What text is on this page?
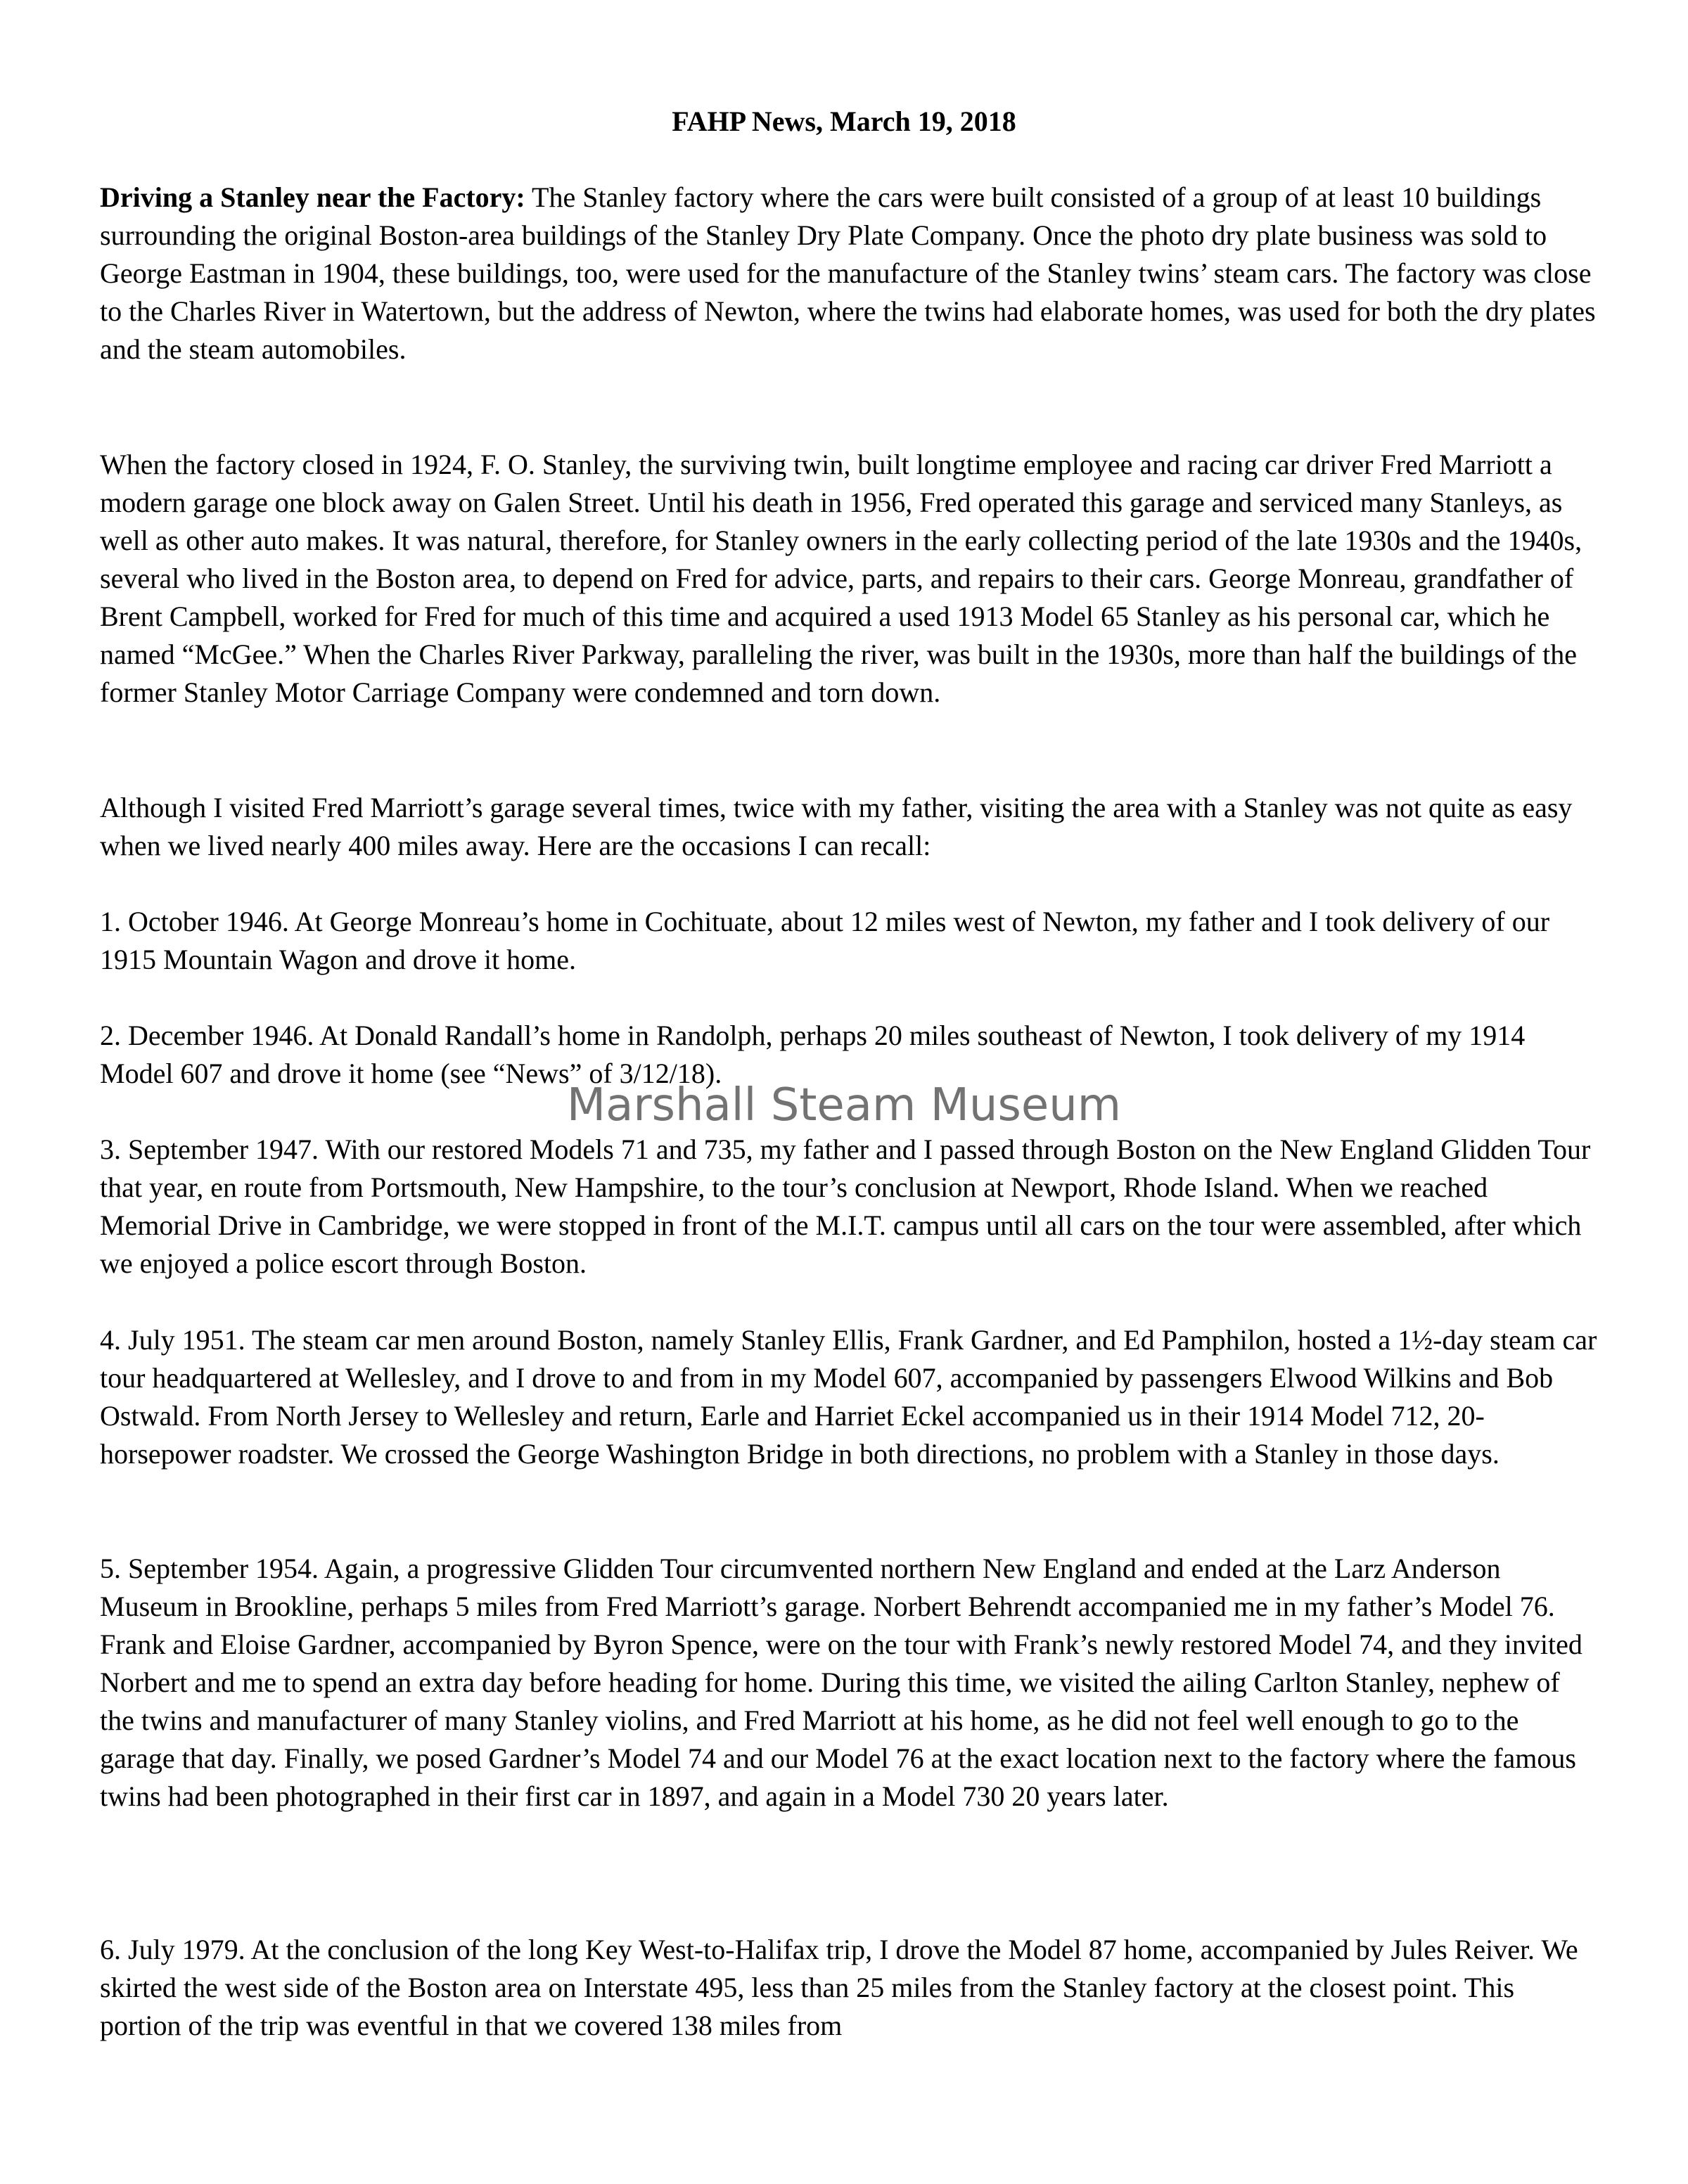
FAHP News, March 19, 2018

Driving a Stanley near the Factory: The Stanley factory where the cars were built consisted of a group of at least 10 buildings surrounding the original Boston-area buildings of the Stanley Dry Plate Company. Once the photo dry plate business was sold to George Eastman in 1904, these buildings, too, were used for the manufacture of the Stanley twins’ steam cars. The factory was close to the Charles River in Watertown, but the address of Newton, where the twins had elaborate homes, was used for both the dry plates and the steam automobiles.

When the factory closed in 1924, F. O. Stanley, the surviving twin, built longtime employee and racing car driver Fred Marriott a modern garage one block away on Galen Street. Until his death in 1956, Fred operated this garage and serviced many Stanleys, as well as other auto makes. It was natural, therefore, for Stanley owners in the early collecting period of the late 1930s and the 1940s, several who lived in the Boston area, to depend on Fred for advice, parts, and repairs to their cars. George Monreau, grandfather of Brent Campbell, worked for Fred for much of this time and acquired a used 1913 Model 65 Stanley as his personal car, which he named “McGee.” When the Charles River Parkway, paralleling the river, was built in the 1930s, more than half the buildings of the former Stanley Motor Carriage Company were condemned and torn down.

Although I visited Fred Marriott’s garage several times, twice with my father, visiting the area with a Stanley was not quite as easy when we lived nearly 400 miles away. Here are the occasions I can recall:

1. October 1946. At George Monreau’s home in Cochituate, about 12 miles west of Newton, my father and I took delivery of our 1915 Mountain Wagon and drove it home.

2. December 1946. At Donald Randall’s home in Randolph, perhaps 20 miles southeast of Newton, I took delivery of my 1914 Model 607 and drove it home (see “News” of 3/12/18).

3. September 1947. With our restored Models 71 and 735, my father and I passed through Boston on the New England Glidden Tour that year, en route from Portsmouth, New Hampshire, to the tour’s conclusion at Newport, Rhode Island. When we reached Memorial Drive in Cambridge, we were stopped in front of the M.I.T. campus until all cars on the tour were assembled, after which we enjoyed a police escort through Boston.

4. July 1951. The steam car men around Boston, namely Stanley Ellis, Frank Gardner, and Ed Pamphilon, hosted a 1½-day steam car tour headquartered at Wellesley, and I drove to and from in my Model 607, accompanied by passengers Elwood Wilkins and Bob Ostwald. From North Jersey to Wellesley and return, Earle and Harriet Eckel accompanied us in their 1914 Model 712, 20-horsepower roadster. We crossed the George Washington Bridge in both directions, no problem with a Stanley in those days.

5. September 1954. Again, a progressive Glidden Tour circumvented northern New England and ended at the Larz Anderson Museum in Brookline, perhaps 5 miles from Fred Marriott’s garage. Norbert Behrendt accompanied me in my father’s Model 76. Frank and Eloise Gardner, accompanied by Byron Spence, were on the tour with Frank’s newly restored Model 74, and they invited Norbert and me to spend an extra day before heading for home. During this time, we visited the ailing Carlton Stanley, nephew of the twins and manufacturer of many Stanley violins, and Fred Marriott at his home, as he did not feel well enough to go to the garage that day. Finally, we posed Gardner’s Model 74 and our Model 76 at the exact location next to the factory where the famous twins had been photographed in their first car in 1897, and again in a Model 730 20 years later.

6. July 1979. At the conclusion of the long Key West-to-Halifax trip, I drove the Model 87 home, accompanied by Jules Reiver. We skirted the west side of the Boston area on Interstate 495, less than 25 miles from the Stanley factory at the closest point. This portion of the trip was eventful in that we covered 138 miles from

Marshall Steam Museum
